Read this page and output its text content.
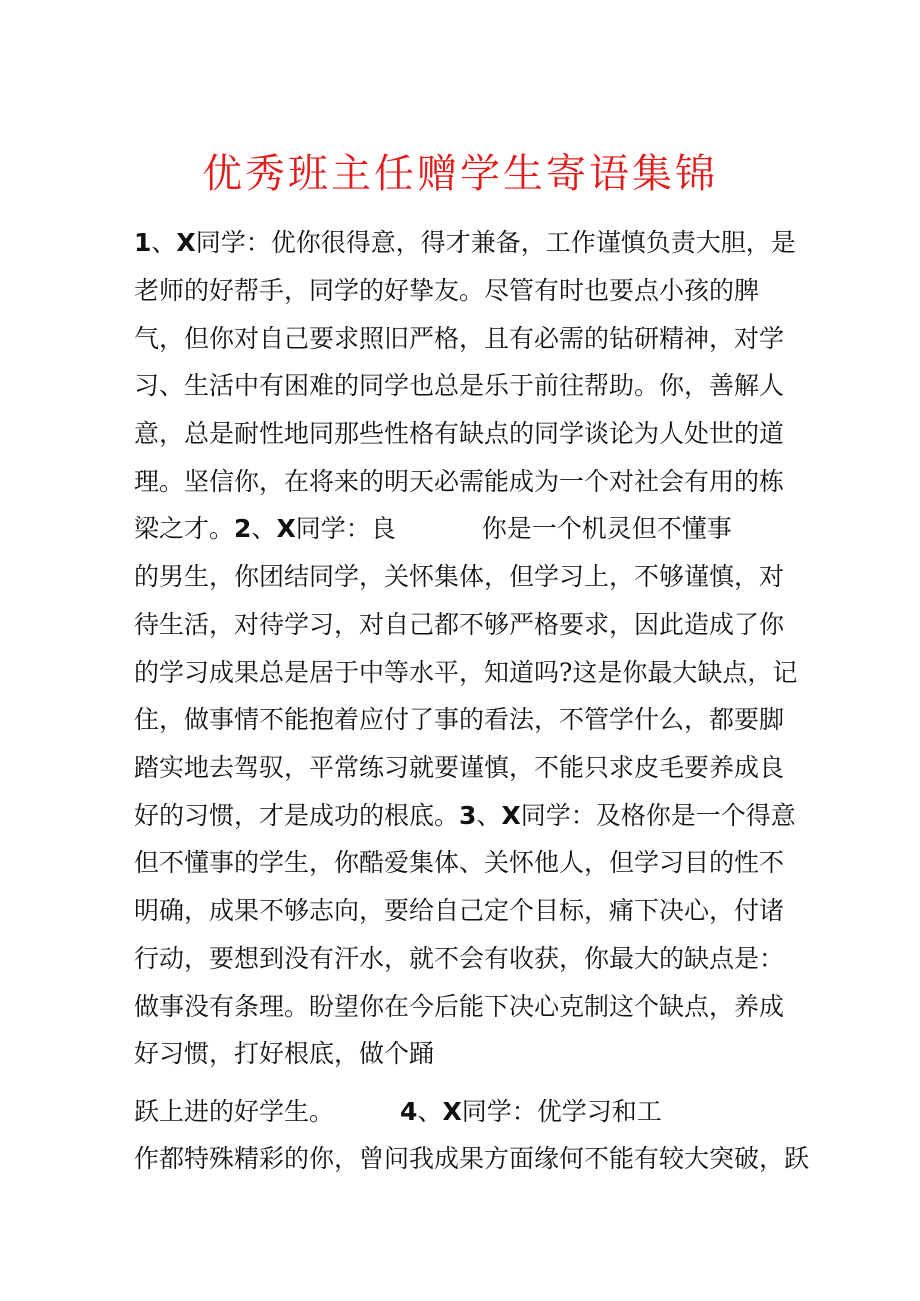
优秀班主任赠学生寄语集锦
1、X同学：优你很得意，得才兼备，工作谨慎负责大胆，是
老师的好帮手，同学的好挚友。尽管有时也要点小孩的脾
气，但你对自己要求照旧严格，且有必需的钻研精神，对学
习、生活中有困难的同学也总是乐于前往帮助。你，善解人
意，总是耐性地同那些性格有缺点的同学谈论为人处世的道
理。坚信你，在将来的明天必需能成为一个对社会有用的栋
梁之才。2、X同学：良	你是一个机灵但不懂事
的男生，你团结同学，关怀集体，但学习上，不够谨慎，对
待生活，对待学习，对自己都不够严格要求，因此造成了你
的学习成果总是居于中等水平，知道吗?这是你最大缺点，记
住，做事情不能抱着应付了事的看法，不管学什么，都要脚
踏实地去驾驭，平常练习就要谨慎，不能只求皮毛要养成良
好的习惯，才是成功的根底。3、X同学：及格你是一个得意
但不懂事的学生，你酷爱集体、关怀他人，但学习目的性不
明确，成果不够志向，要给自己定个目标，痛下决心，付诸
行动，要想到没有汗水，就不会有收获，你最大的缺点是：
做事没有条理。盼望你在今后能下决心克制这个缺点，养成
好习惯，打好根底，做个踊
跃上进的好学生。	4、X同学：优学习和工
作都特殊精彩的你，曾问我成果方面缘何不能有较大突破，跃
